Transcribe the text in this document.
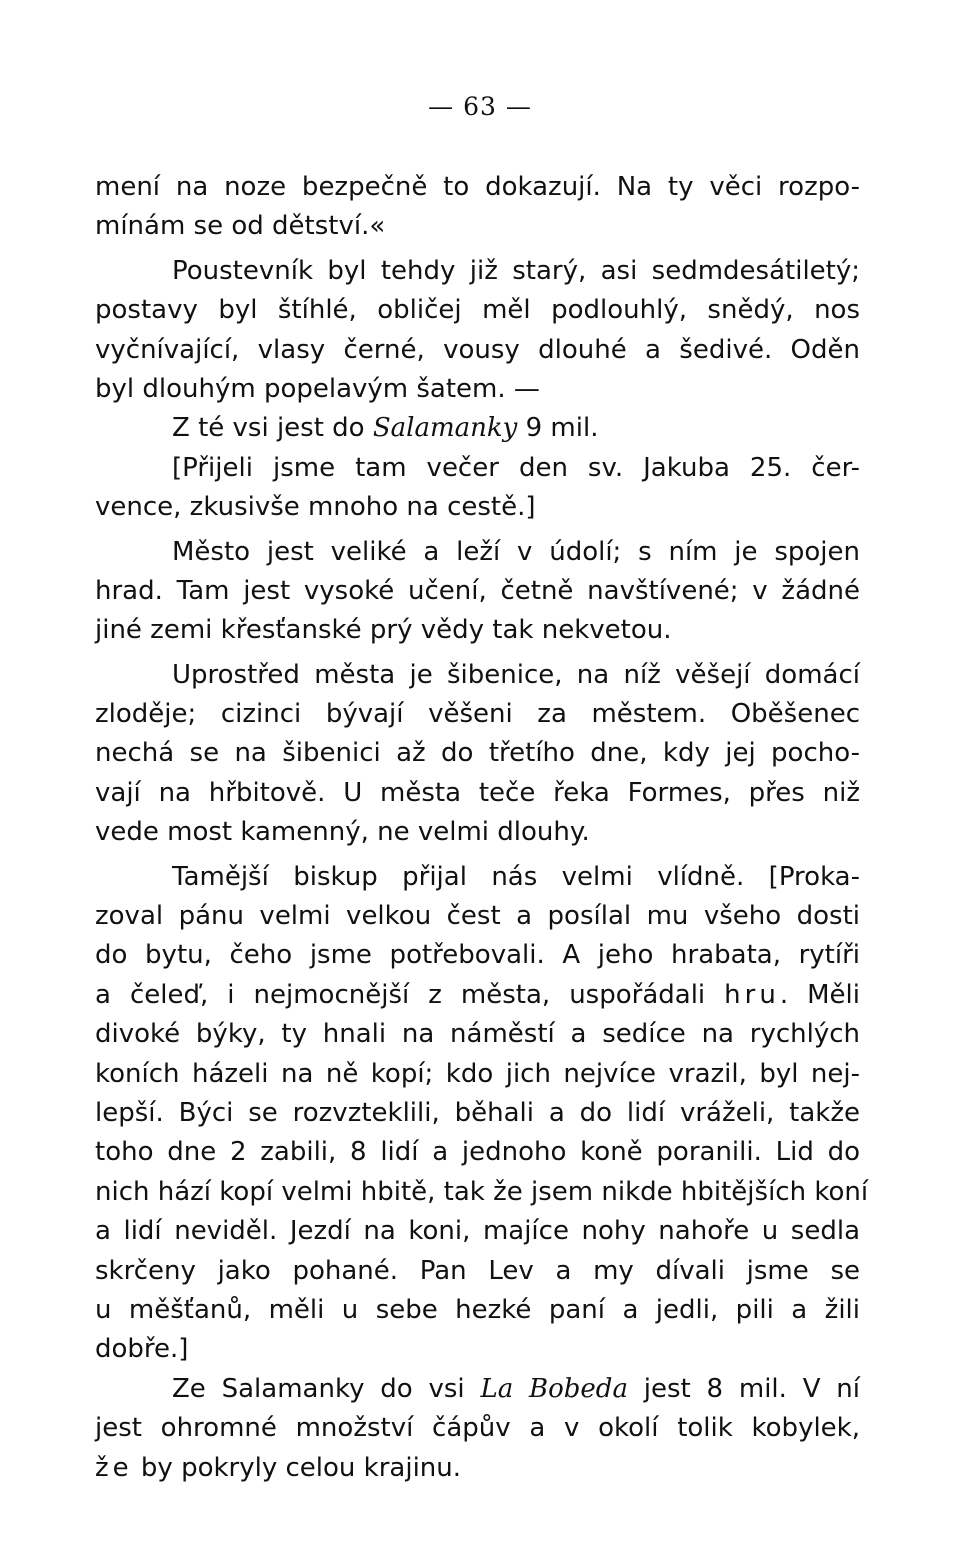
— 63 —
mení na noze bezpečně to dokazují. Na ty věci rozpo-
mínám se od dětství.«
Poustevník byl tehdy již starý, asi sedmdesátiletý;
postavy byl štíhlé, obličej měl podlouhlý, snědý, nos
vyčnívající, vlasy černé, vousy dlouhé a šedivé. Oděn
byl dlouhým popelavým šatem. —
Z té vsi jest do Salamanky 9 mil.
[Přijeli jsme tam večer den sv. Jakuba 25. čer-
vence, zkusivše mnoho na cestě.]
Město jest veliké a leží v údolí; s ním je spojen
hrad. Tam jest vysoké učení, četně navštívené; v žádné
jiné zemi křesťanské prý vědy tak nekvetou.
Uprostřed města je šibenice, na níž věšejí domácí
zloděje; cizinci bývají věšeni za městem. Oběšenec
nechá se na šibenici až do třetího dne, kdy jej pocho-
vají na hřbitově. U města teče řeka Formes, přes niž
vede most kamenný, ne velmi dlouhy.
Tamější biskup přijal nás velmi vlídně. [Proka-
zoval pánu velmi velkou čest a posílal mu všeho dosti
do bytu, čeho jsme potřebovali. A jeho hrabata, rytíři
a čeleď, i nejmocnější z města, uspořádali hru. Měli
divoké býky, ty hnali na náměstí a sedíce na rychlých
koních házeli na ně kopí; kdo jich nejvíce vrazil, byl nej-
lepší. Býci se rozvzteklili, běhali a do lidí vráželi, takže
toho dne 2 zabili, 8 lidí a jednoho koně poranili. Lid do
nich hází kopí velmi hbitě, tak že jsem nikde hbitějších koní
a lidí neviděl. Jezdí na koni, majíce nohy nahoře u sedla
skrčeny jako pohané. Pan Lev a my dívali jsme se
u měšťanů, měli u sebe hezké paní a jedli, pili a žili
dobře.]
Ze Salamanky do vsi La Bobeda jest 8 mil. V ní
jest ohromné množství čápův a v okolí tolik kobylek,
že by pokryly celou krajinu.
